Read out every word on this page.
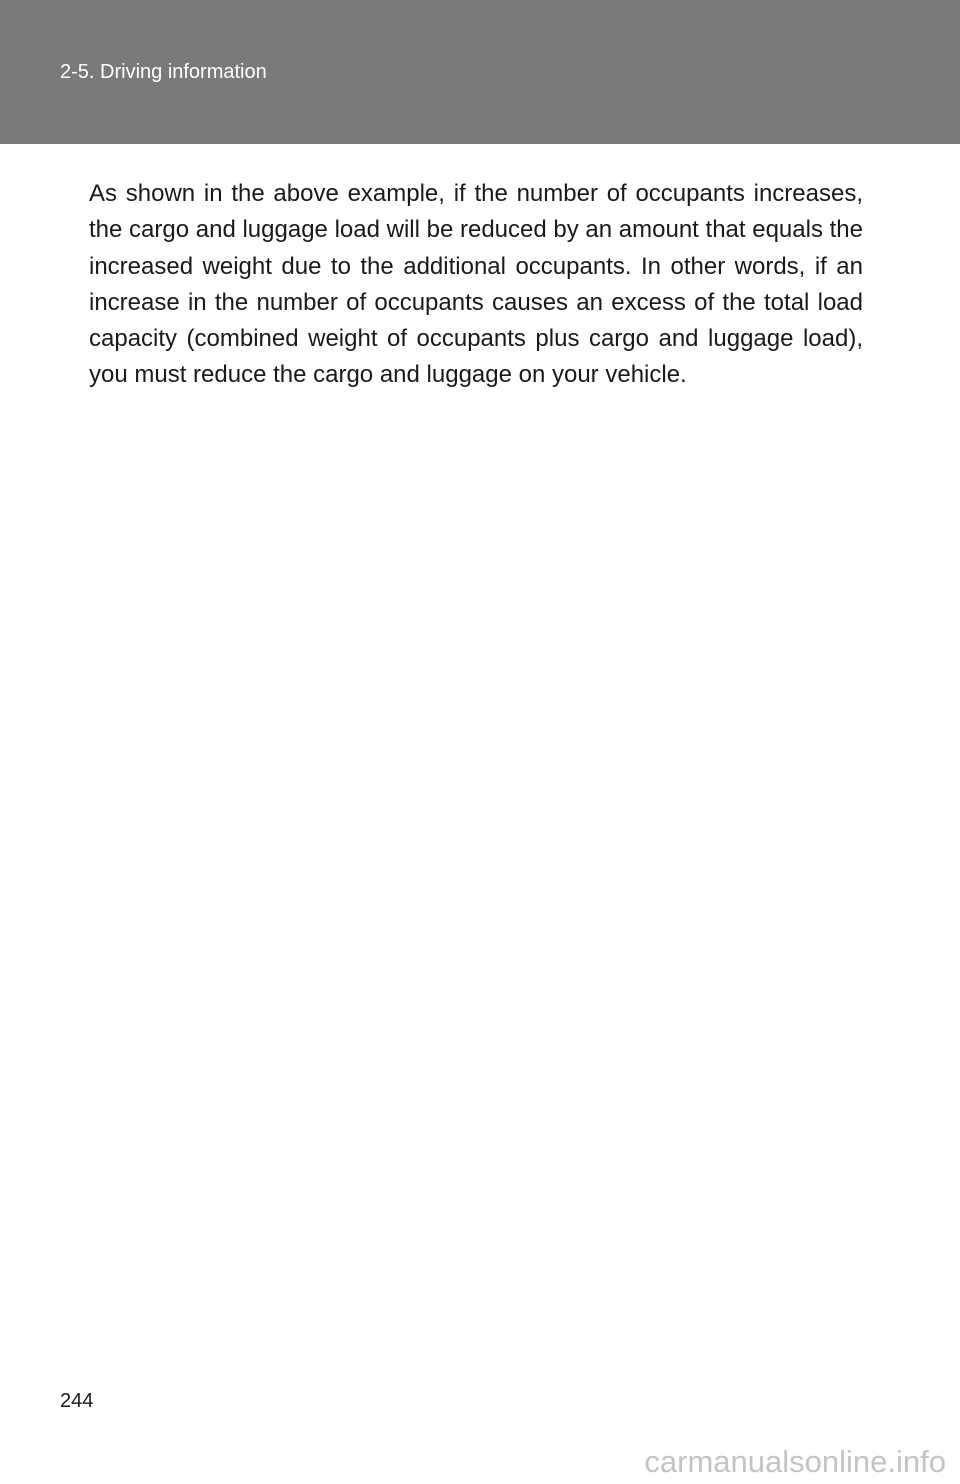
2-5. Driving information

As shown in the above example, if the number of occupants increases, the cargo and luggage load will be reduced by an amount that equals the increased weight due to the additional occupants. In other words, if an increase in the number of occupants causes an excess of the total load capacity (combined weight of occupants plus cargo and luggage load), you must reduce the cargo and luggage on your vehicle.

244
carmanualsonline.info
